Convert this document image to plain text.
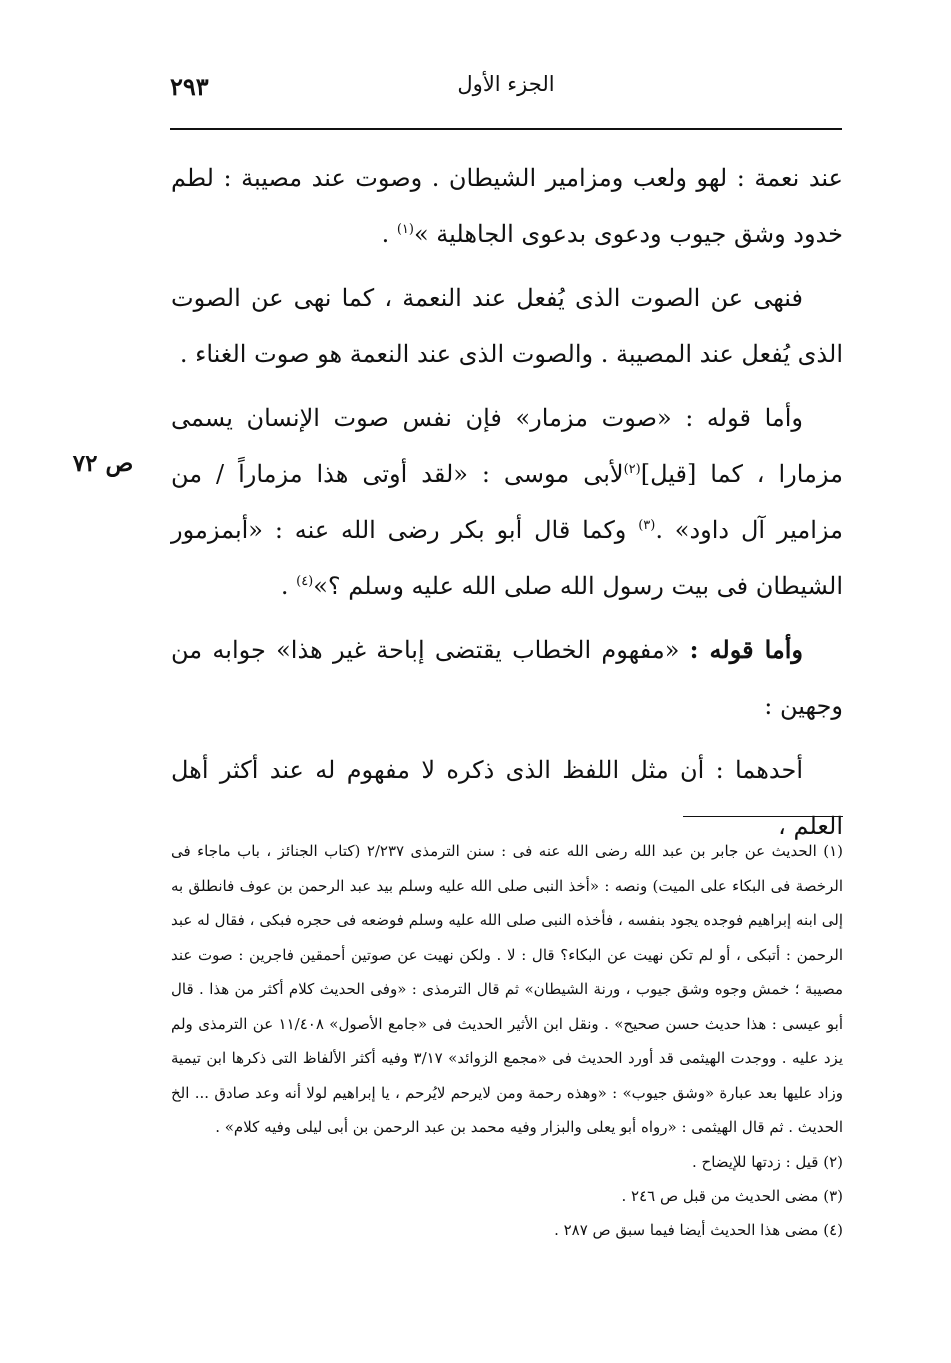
الجزء الأول
٢٩٣
ص ٧٢

عند نعمة : لهو ولعب ومزامير الشيطان . وصوت عند مصيبة : لطم خدود وشق جيوب ودعوى بدعوى الجاهلية »$^{(١)}$ .

فنهى عن الصوت الذى يُفعل عند النعمة ، كما نهى عن الصوت الذى يُفعل عند المصيبة . والصوت الذى عند النعمة هو صوت الغناء .

وأما قوله : «صوت مزمار» فإن نفس صوت الإنسان يسمى مزمارا ، كما [قيل]$^{(٢)}$لأبى موسى : «لقد أوتى هذا مزماراً / من مزامير آل داود» .$^{(٣)}$ وكما قال أبو بكر رضى الله عنه : «أبمزمور الشيطان فى بيت رسول الله صلى الله عليه وسلم ؟»$^{(٤)}$ .

وأما قوله : «مفهوم الخطاب يقتضى إباحة غير هذا» جوابه من وجهين :

أحدهما : أن مثل اللفظ الذى ذكره لا مفهوم له عند أكثر أهل العلم ،

(١) الحديث عن جابر بن عبد الله رضى الله عنه فى : سنن الترمذى ٢/٢٣٧ (كتاب الجنائز ، باب ماجاء فى الرخصة فى البكاء على الميت) ونصه : «أخذ النبى صلى الله عليه وسلم بيد عبد الرحمن بن عوف فانطلق به إلى ابنه إبراهيم فوجده يجود بنفسه ، فأخذه النبى صلى الله عليه وسلم فوضعه فى حجره فبكى ، فقال له عبد الرحمن : أتبكى ، أو لم تكن نهيت عن البكاء؟ قال : لا . ولكن نهيت عن صوتين أحمقين فاجرين : صوت عند مصيبة ؛ خمش وجوه وشق جيوب ، ورنة الشيطان» ثم قال الترمذى : «وفى الحديث كلام أكثر من هذا . قال أبو عيسى : هذا حديث حسن صحيح» . ونقل ابن الأثير الحديث فى «جامع الأصول» ١١/٤٠٨ عن الترمذى ولم يزد عليه . ووجدت الهيثمى قد أورد الحديث فى «مجمع الزوائد» ٣/١٧ وفيه أكثر الألفاظ التى ذكرها ابن تيمية وزاد عليها بعد عبارة «وشق جيوب» : «وهذه رحمة ومن لايرحم لايُرحم ، يا إبراهيم لولا أنه وعد صادق ... الخ الحديث . ثم قال الهيثمى : «رواه أبو يعلى والبزار وفيه محمد بن عبد الرحمن بن أبى ليلى وفيه كلام» .

(٢) قيل : زدتها للإيضاح .

(٣) مضى الحديث من قبل ص ٢٤٦ .

(٤) مضى هذا الحديث أيضا فيما سبق ص ٢٨٧ .
